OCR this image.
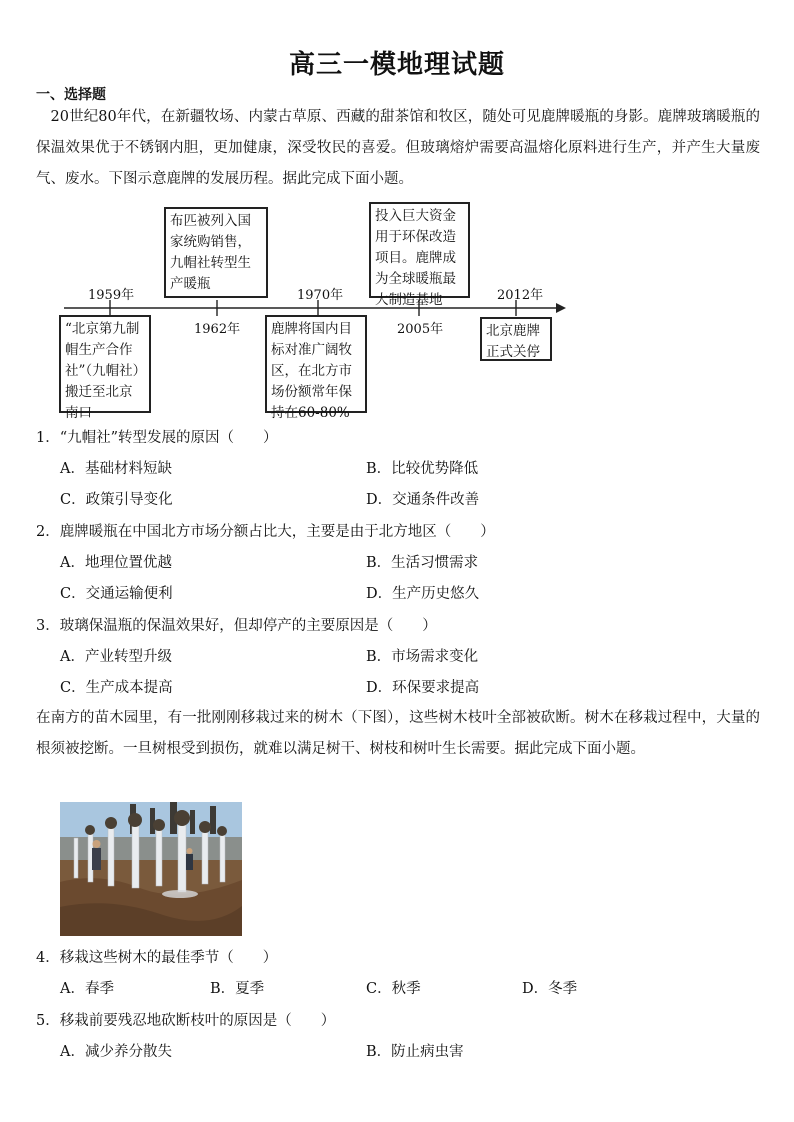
高三一模地理试题
一、选择题
20世纪80年代，在新疆牧场、内蒙古草原、西藏的甜茶馆和牧区，随处可见鹿牌暖瓶的身影。鹿牌玻璃暖瓶的保温效果优于不锈钢内胆，更加健康，深受牧民的喜爱。但玻璃熔炉需要高温熔化原料进行生产，并产生大量废气、废水。下图示意鹿牌的发展历程。据此完成下面小题。
1959年
1962年
1970年
2005年
2012年
“北京第九制帽生产合作社”（九帽社）搬迁至北京南口
布匹被列入国家统购销售，九帽社转型生产暖瓶
鹿牌将国内目标对准广阔牧区，在北方市场份额常年保持在60-80%
投入巨大资金用于环保改造项目。鹿牌成为全球暖瓶最大制造基地
北京鹿牌正式关停
1．“九帽社”转型发展的原因（　　）
A．基础材料短缺	B．比较优势降低
C．政策引导变化	D．交通条件改善
2．鹿牌暖瓶在中国北方市场分额占比大，主要是由于北方地区（　　）
A．地理位置优越	B．生活习惯需求
C．交通运输便利	D．生产历史悠久
3．玻璃保温瓶的保温效果好，但却停产的主要原因是（　　）
A．产业转型升级	B．市场需求变化
C．生产成本提高	D．环保要求提高
在南方的苗木园里，有一批刚刚移栽过来的树木（下图），这些树木枝叶全部被砍断。树木在移栽过程中，大量的根须被挖断。一旦树根受到损伤，就难以满足树干、树枝和树叶生长需要。据此完成下面小题。
4．移栽这些树木的最佳季节（　　）
A．春季	B．夏季	C．秋季	D．冬季
5．移栽前要残忍地砍断枝叶的原因是（　　）
A．减少养分散失	B．防止病虫害
